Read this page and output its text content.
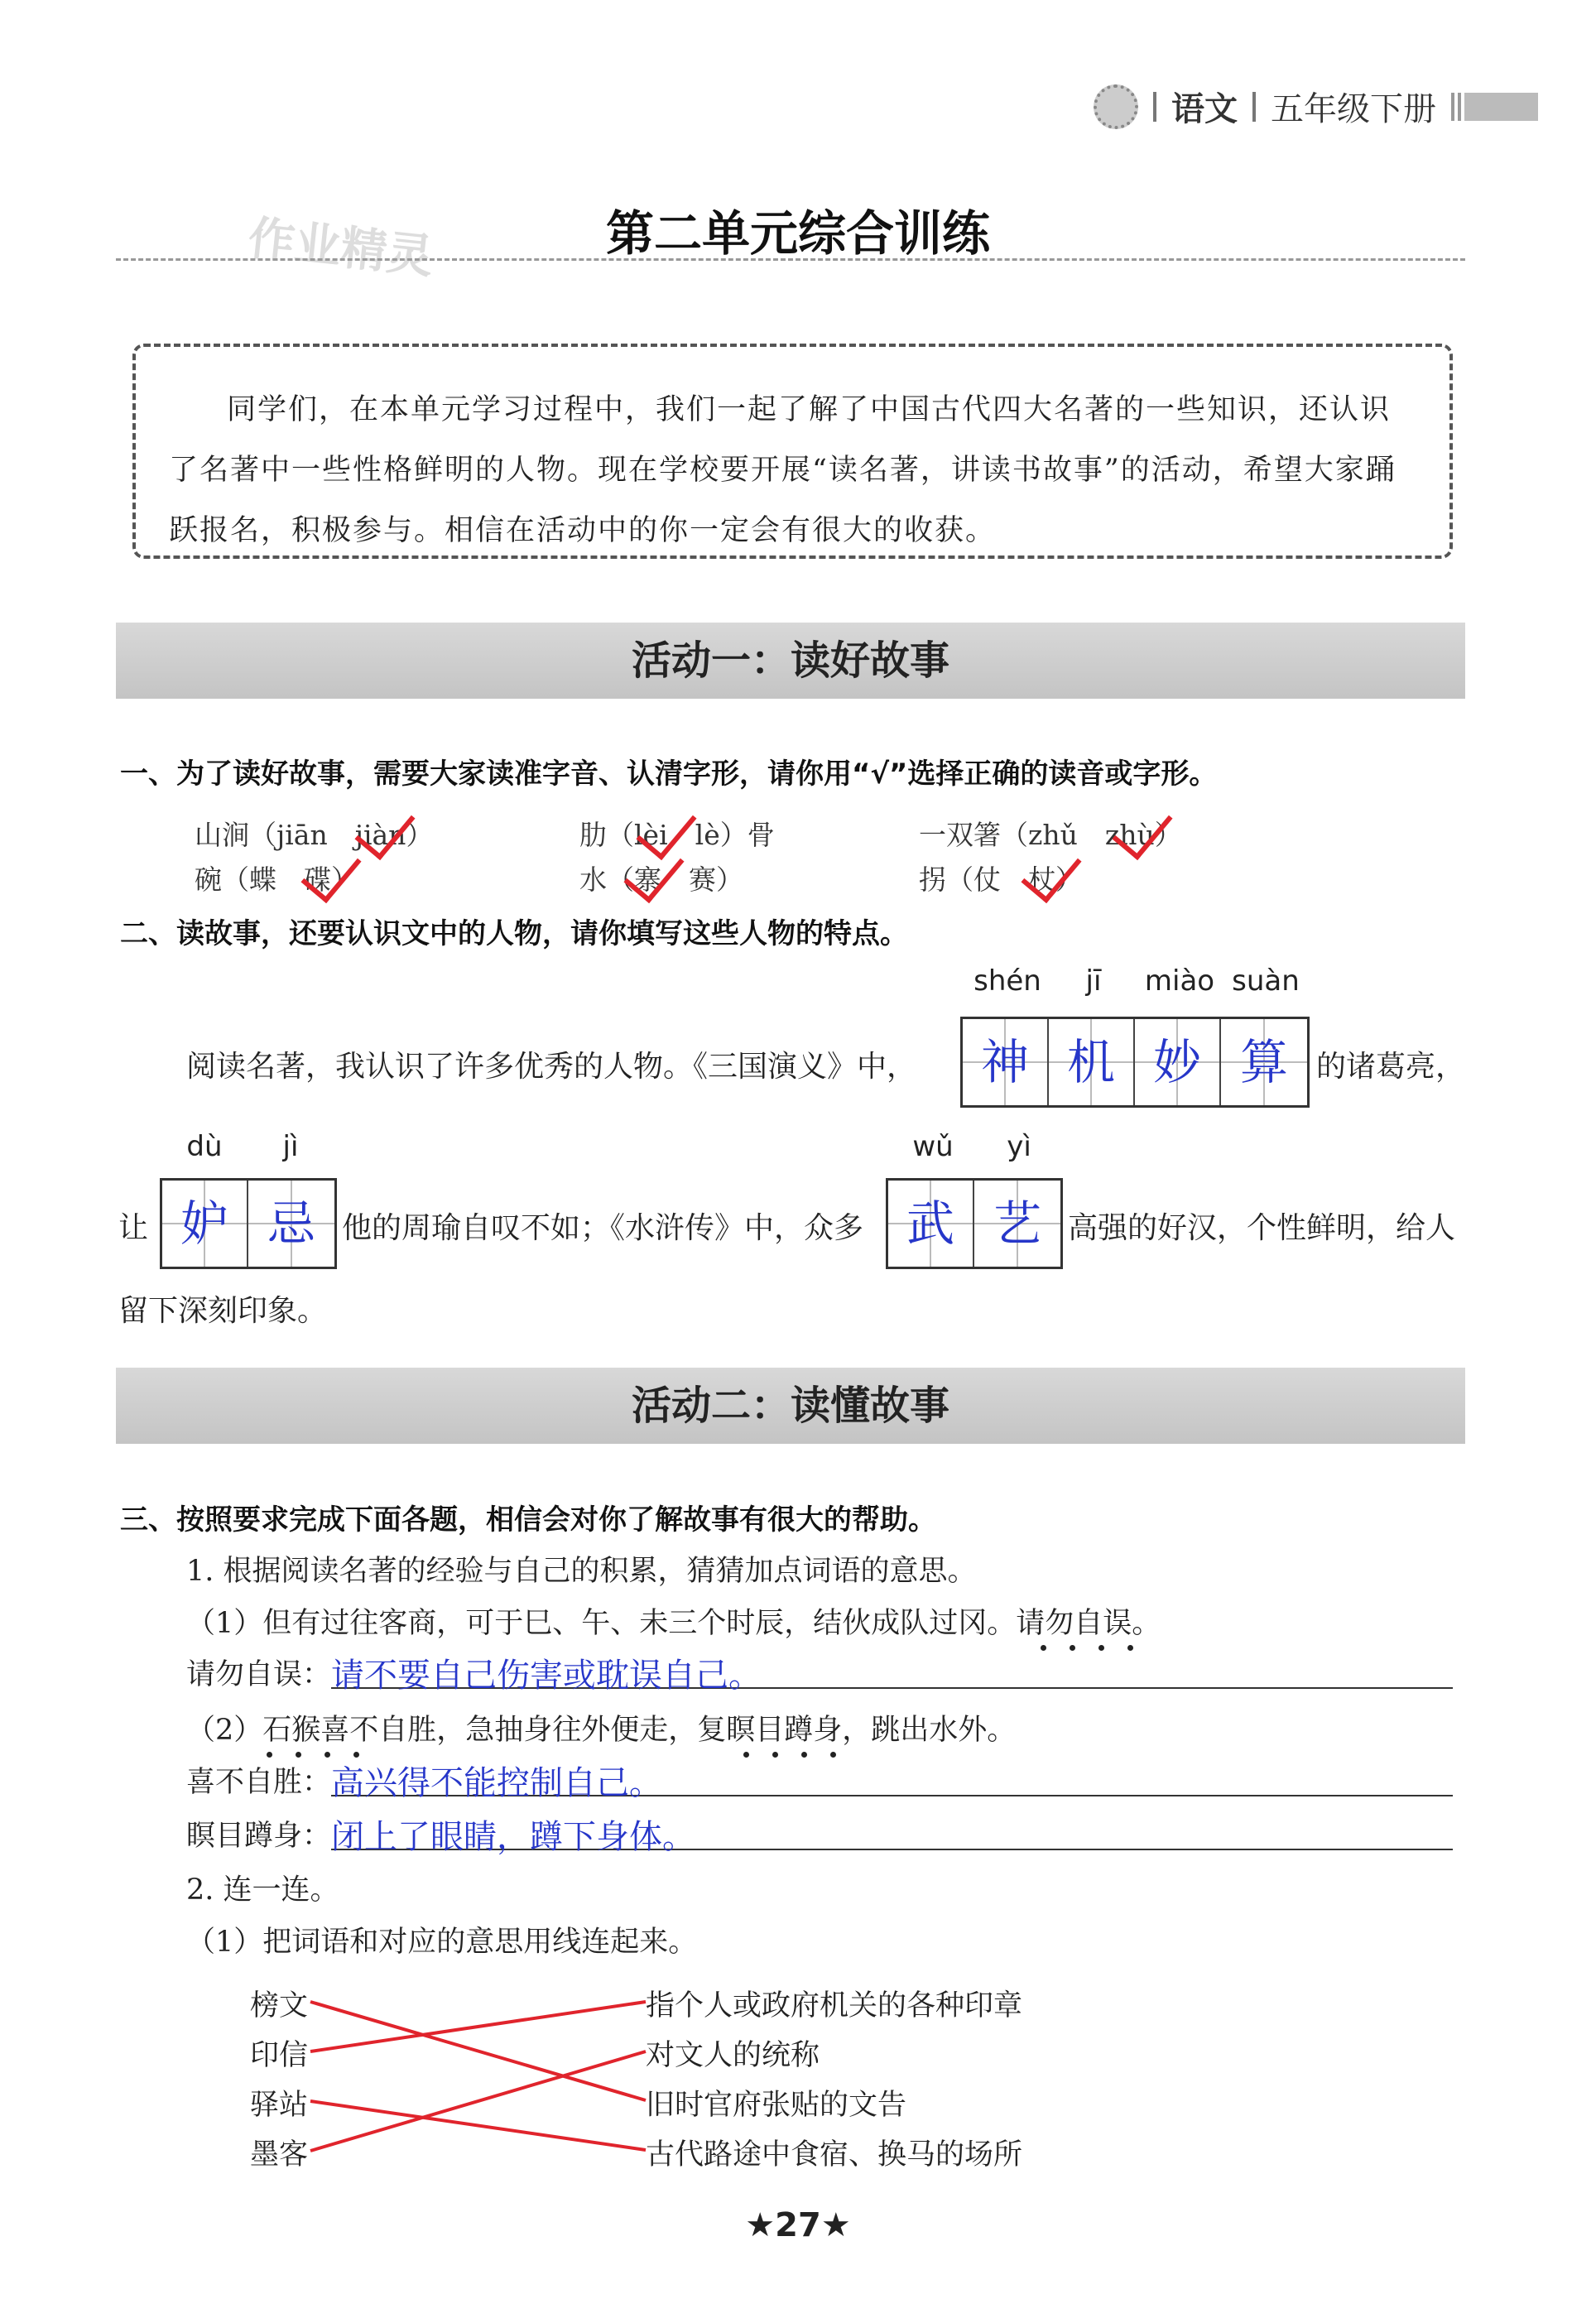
语文 五年级下册
作业精灵	第二单元综合训练
同学们，在本单元学习过程中，我们一起了解了中国古代四大名著的一些知识，还认识了名著中一些性格鲜明的人物。现在学校要开展“读名著，讲读书故事”的活动，希望大家踊跃报名，积极参与。相信在活动中的你一定会有很大的收获。
活动一：读好故事
一、为了读好故事，需要大家读准字音、认清字形，请你用“√”选择正确的读音或字形。
山涧（jiān　jiàn）
碗（蝶　碟）
肋（lèi　lè）骨
水（寨　赛）
一双箸（zhǔ　zhù）
拐（仗　杖）
二、读故事，还要认识文中的人物，请你填写这些人物的特点。
shén	jī	miào suàn
阅读名著，我认识了许多优秀的人物。《三国演义》中，	神 机 妙 算 的诸葛亮，
dù	jì	wǔ	yì
让 妒 忌 他的周瑜自叹不如；《水浒传》中，众多 武 艺 高强的好汉，个性鲜明，给人
留下深刻印象。
活动二：读懂故事
三、按照要求完成下面各题，相信会对你了解故事有很大的帮助。
1. 根据阅读名著的经验与自己的积累，猜猜加点词语的意思。
（1）但有过往客商，可于巳、午、未三个时辰，结伙成队过冈。请勿自误。
请勿自误： 请不要自己伤害或耽误自己。
（2）石猴喜不自胜，急抽身往外便走，复瞑目蹲身，跳出水外。
喜不自胜： 高兴得不能控制自己。
瞑目蹲身： 闭上了眼睛，蹲下身体。
2. 连一连。
（1）把词语和对应的意思用线连起来。
榜文
印信
驿站
墨客
指个人或政府机关的各种印章
对文人的统称
旧时官府张贴的文告
古代路途中食宿、换马的场所
★27★
